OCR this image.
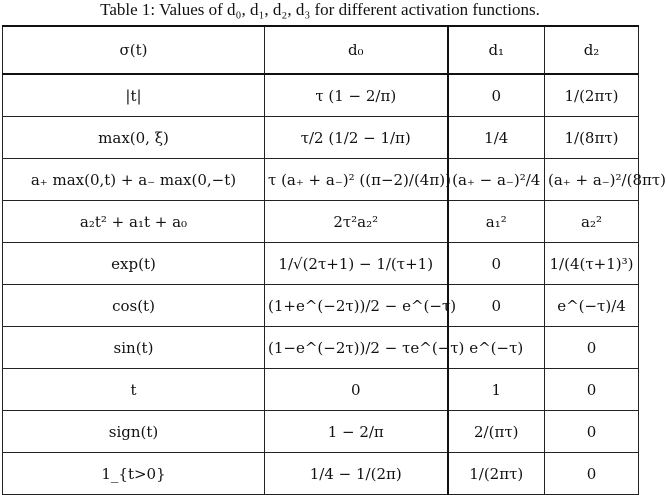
Table 1: Values of d₀, d₁, d₂, d₃ for different activation functions.
σ(t)	d₀	d₁	d₂
|t|	τ (1 − 2/π)	0	1/(2πτ)
max(0, ξ)	τ/2 (1/2 − 1/π)	1/4	1/(8πτ)
a₊ max(0,t) + a₋ max(0,−t)	τ (a₊ + a₋)² ((π−2)/(4π))	(a₊ − a₋)²/4	(a₊ + a₋)²/(8πτ)
a₂t² + a₁t + a₀	2τ²a₂²	a₁²	a₂²
exp(t)	1/√(2τ+1) − 1/(τ+1)	0	1/(4(τ+1)³)
cos(t)	(1+e^(−2τ))/2 − e^(−τ)	0	e^(−τ)/4
sin(t)	(1−e^(−2τ))/2 − τe^(−τ)	e^(−τ)	0
t	0	1	0
sign(t)	1 − 2/π	2/(πτ)	0
1_{t>0}	1/4 − 1/(2π)	1/(2πτ)	0
